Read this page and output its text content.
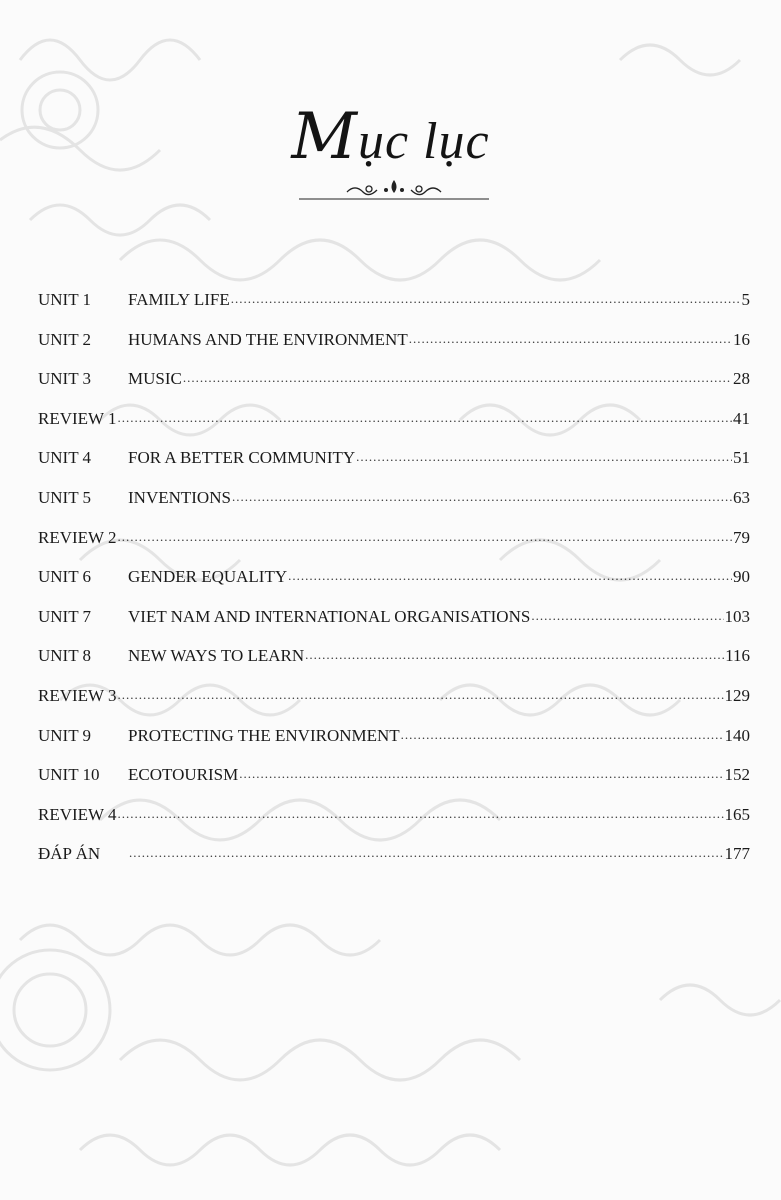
Mục lục
UNIT 1	FAMILY LIFE .....	5
UNIT 2	HUMANS AND THE ENVIRONMENT .....	16
UNIT 3	MUSIC .....	28
REVIEW 1 .....	41
UNIT 4	FOR A BETTER COMMUNITY .....	51
UNIT 5	INVENTIONS .....	63
REVIEW 2 .....	79
UNIT 6	GENDER EQUALITY .....	90
UNIT 7	VIET NAM AND INTERNATIONAL ORGANISATIONS .....	103
UNIT 8	NEW WAYS TO LEARN .....	116
REVIEW 3 .....	129
UNIT 9	PROTECTING THE ENVIRONMENT .....	140
UNIT 10	ECOTOURISM .....	152
REVIEW 4 .....	165
ĐÁP ÁN .....	177
